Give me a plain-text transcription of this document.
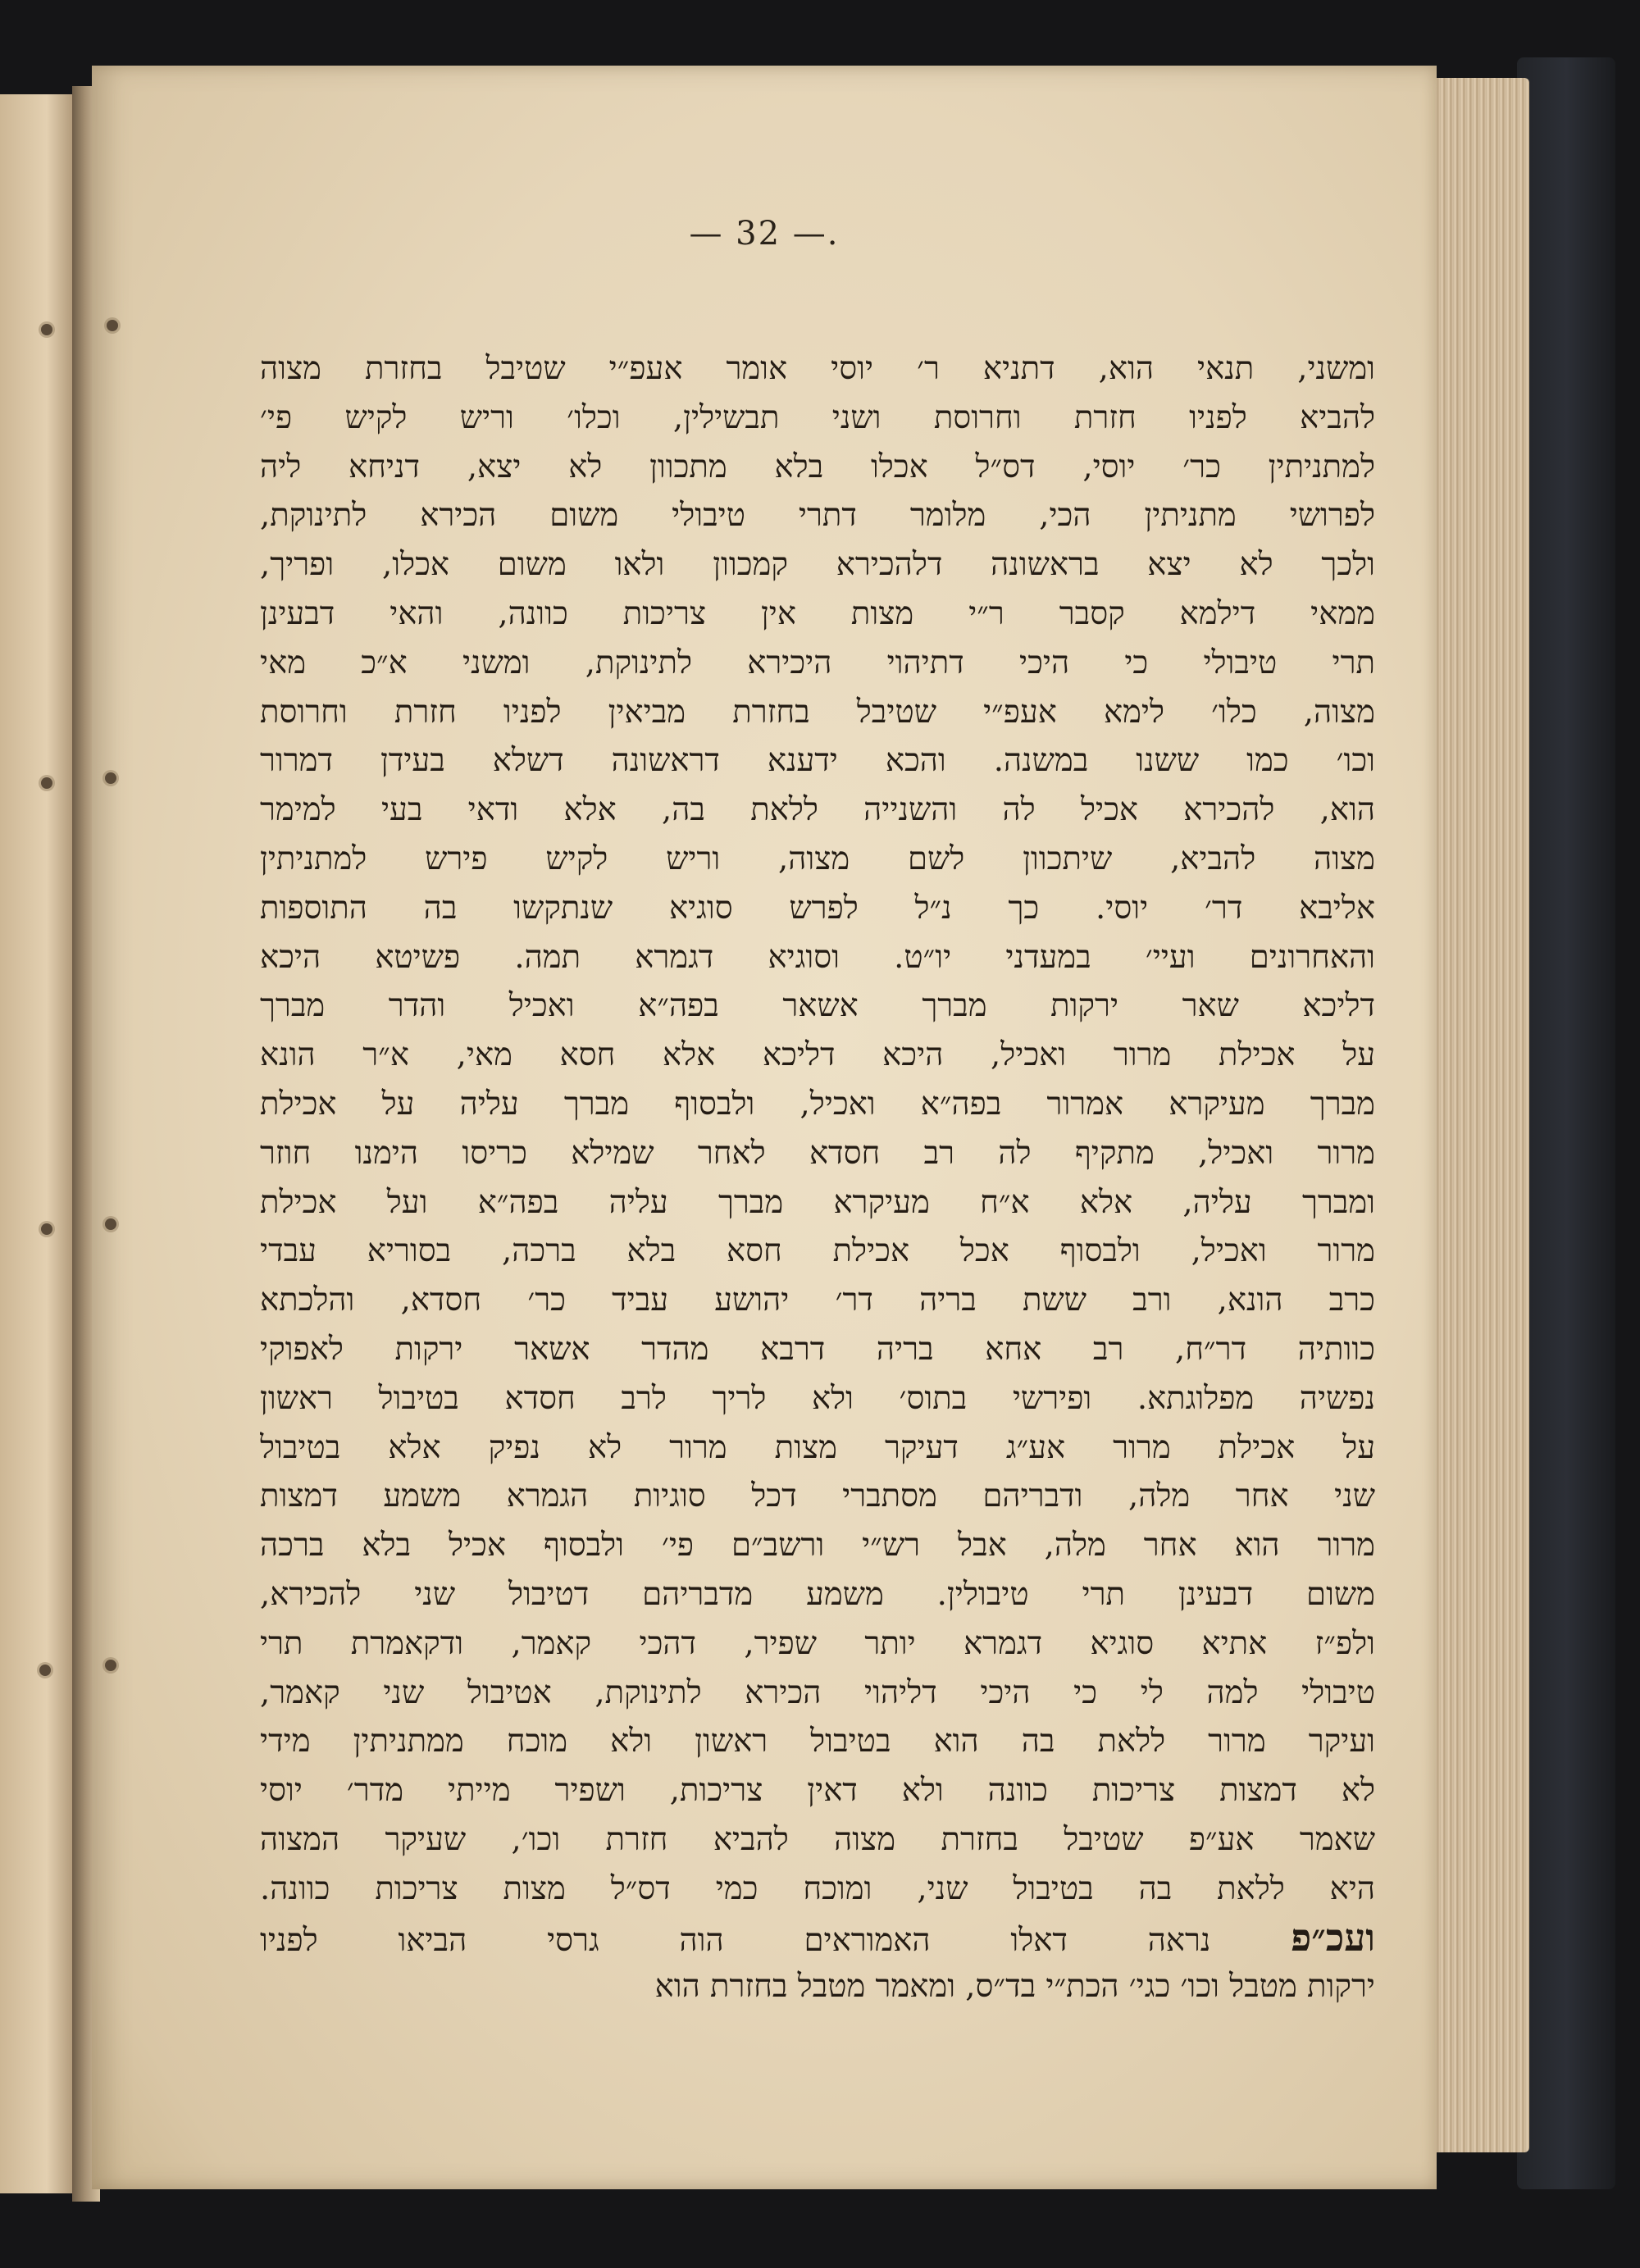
— 32 —.
ומשני, תנאי הוא, דתניא ר׳ יוסי אומר אעפ״י שטיבל בחזרת מצוה
להביא לפניו חזרת וחרוסת ושני תבשילין, וכלו׳ וריש לקיש פי׳
למתניתין כר׳ יוסי, דס״ל אכלו בלא מתכוון לא יצא, דניחא ליה
לפרושי מתניתין הכי, מלומר דתרי טיבולי משום הכירא לתינוקת,
ולכך לא יצא בראשונה דלהכירא קמכוון ולאו משום אכלו, ופריך,
ממאי דילמא קסבר ר״י מצות אין צריכות כוונה, והאי דבעינן
תרי טיבולי כי היכי דתיהוי היכירא לתינוקת, ומשני א״כ מאי
מצוה, כלו׳ לימא אעפ״י שטיבל בחזרת מביאין לפניו חזרת וחרוסת
וכו׳ כמו ששנו במשנה. והכא ידענא דראשונה דשלא בעידן דמרור
הוא, להכירא אכיל לה והשנייה ללאת בה, אלא ודאי בעי למימר
מצוה להביא, שיתכוון לשם מצוה, וריש לקיש פירש למתניתין
אליבא דר׳ יוסי. כך נ״ל לפרש סוגיא שנתקשו בה התוספות
והאחרונים ועיי׳ במעדני יו״ט. וסוגיא דגמרא תמה. פשיטא היכא
דליכא שאר ירקות מברך אשאר בפה״א ואכיל והדר מברך
על אכילת מרור ואכיל, היכא דליכא אלא חסא מאי, א״ר הונא
מברך מעיקרא אמרור בפה״א ואכיל, ולבסוף מברך עליה על אכילת
מרור ואכיל, מתקיף לה רב חסדא לאחר שמילא כריסו הימנו חוזר
ומברך עליה, אלא א״ח מעיקרא מברך עליה בפה״א ועל אכילת
מרור ואכיל, ולבסוף אכל אכילת חסא בלא ברכה, בסוריא עבדי
כרב הונא, ורב ששת בריה דר׳ יהושע עביד כר׳ חסדא, והלכתא
כוותיה דר״ח, רב אחא בריה דרבא מהדר אשאר ירקות לאפוקי
נפשיה מפלוגתא. ופירשי בתוס׳ ולא לריך לרב חסדא בטיבול ראשון
על אכילת מרור אע״ג דעיקר מצות מרור לא נפיק אלא בטיבול
שני אחר מלה, ודבריהם מסתברי דכל סוגיות הגמרא משמע דמצות
מרור הוא אחר מלה, אבל רש״י ורשב״ם פי׳ ולבסוף אכיל בלא ברכה
משום דבעינן תרי טיבולין. משמע מדבריהם דטיבול שני להכירא,
ולפ״ז אתיא סוגיא דגמרא יותר שפיר, דהכי קאמר, ודקאמרת תרי
טיבולי למה לי כי היכי דליהוי הכירא לתינוקת, אטיבול שני קאמר,
ועיקר מרור ללאת בה הוא בטיבול ראשון ולא מוכח ממתניתין מידי
לא דמצות צריכות כוונה ולא דאין צריכות, ושפיר מייתי מדר׳ יוסי
שאמר אע״פ שטיבל בחזרת מצוה להביא חזרת וכו׳, שעיקר המצוה
היא ללאת בה בטיבול שני, ומוכח כמי דס״ל מצות צריכות כוונה.
ועכ״פ נראה דאלו האמוראים הוה גרסי הביאו לפניו
ירקות מטבל וכו׳ כגי׳ הכת״י בד״ס, ומאמר מטבל בחזרת הוא
